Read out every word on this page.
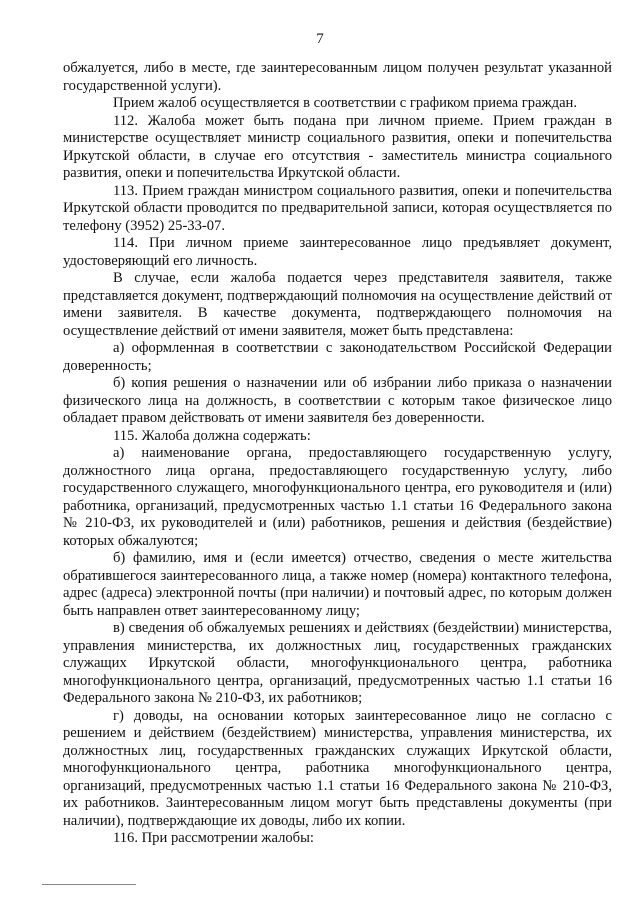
7

обжалуется, либо в месте, где заинтересованным лицом получен результат указанной государственной услуги).

Прием жалоб осуществляется в соответствии с графиком приема граждан.

112. Жалоба может быть подана при личном приеме. Прием граждан в министерстве осуществляет министр социального развития, опеки и попечительства Иркутской области, в случае его отсутствия - заместитель министра социального развития, опеки и попечительства Иркутской области.

113. Прием граждан министром социального развития, опеки и попечительства Иркутской области проводится по предварительной записи, которая осуществляется по телефону (3952) 25-33-07.

114. При личном приеме заинтересованное лицо предъявляет документ, удостоверяющий его личность.

В случае, если жалоба подается через представителя заявителя, также представляется документ, подтверждающий полномочия на осуществление действий от имени заявителя. В качестве документа, подтверждающего полномочия на осуществление действий от имени заявителя, может быть представлена:

а) оформленная в соответствии с законодательством Российской Федерации доверенность;

б) копия решения о назначении или об избрании либо приказа о назначении физического лица на должность, в соответствии с которым такое физическое лицо обладает правом действовать от имени заявителя без доверенности.

115. Жалоба должна содержать:

а) наименование органа, предоставляющего государственную услугу, должностного лица органа, предоставляющего государственную услугу, либо государственного служащего, многофункционального центра, его руководителя и (или) работника, организаций, предусмотренных частью 1.1 статьи 16 Федерального закона № 210-ФЗ, их руководителей и (или) работников, решения и действия (бездействие) которых обжалуются;

б) фамилию, имя и (если имеется) отчество, сведения о месте жительства обратившегося заинтересованного лица, а также номер (номера) контактного телефона, адрес (адреса) электронной почты (при наличии) и почтовый адрес, по которым должен быть направлен ответ заинтересованному лицу;

в) сведения об обжалуемых решениях и действиях (бездействии) министерства, управления министерства, их должностных лиц, государственных гражданских служащих Иркутской области, многофункционального центра, работника многофункционального центра, организаций, предусмотренных частью 1.1 статьи 16 Федерального закона № 210-ФЗ, их работников;

г) доводы, на основании которых заинтересованное лицо не согласно с решением и действием (бездействием) министерства, управления министерства, их должностных лиц, государственных гражданских служащих Иркутской области, многофункционального центра, работника многофункционального центра, организаций, предусмотренных частью 1.1 статьи 16 Федерального закона № 210-ФЗ, их работников. Заинтересованным лицом могут быть представлены документы (при наличии), подтверждающие их доводы, либо их копии.

116. При рассмотрении жалобы:
